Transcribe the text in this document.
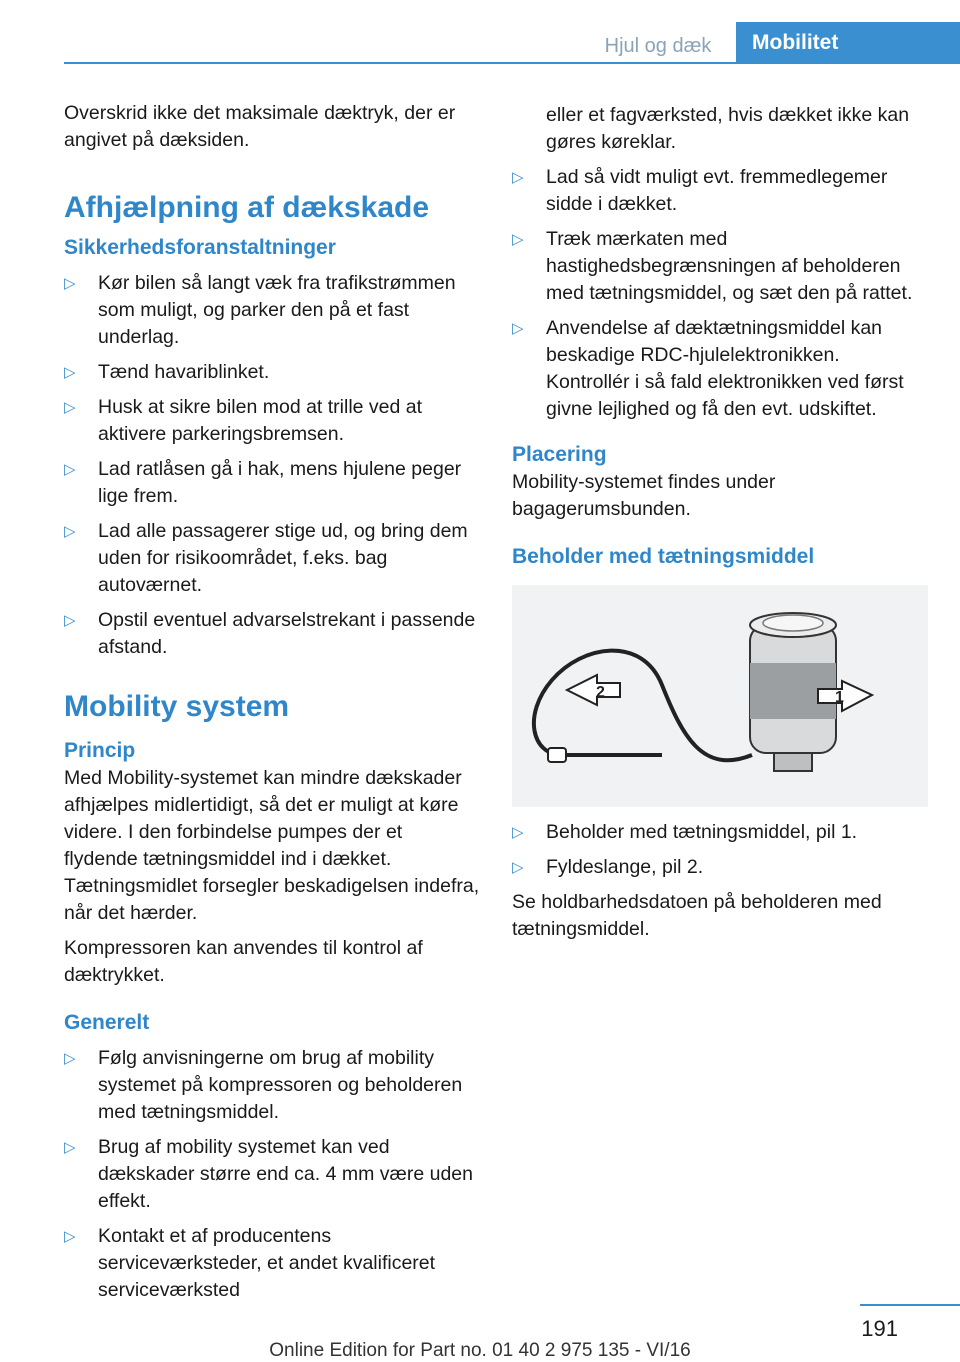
Hjul og dæk	Mobilitet

Overskrid ikke det maksimale dæktryk, der er angivet på dæksiden.

Afhjælpning af dækskade
Sikkerhedsforanstaltninger
▷ Kør bilen så langt væk fra trafikstrømmen som muligt, og parker den på et fast underlag.
▷ Tænd havariblinket.
▷ Husk at sikre bilen mod at trille ved at aktivere parkeringsbremsen.
▷ Lad ratlåsen gå i hak, mens hjulene peger lige frem.
▷ Lad alle passagerer stige ud, og bring dem uden for risikoområdet, f.eks. bag autoværnet.
▷ Opstil eventuel advarselstrekant i passende afstand.
Mobility system
Princip

Med Mobility-systemet kan mindre dækskader afhjælpes midlertidigt, så det er muligt at køre videre. I den forbindelse pumpes der et flydende tætningsmiddel ind i dækket. Tætningsmidlet forsegler beskadigelsen indefra, når det hærder.

Kompressoren kan anvendes til kontrol af dæktrykket.

Generelt
▷ Følg anvisningerne om brug af mobility systemet på kompressoren og beholderen med tætningsmiddel.
▷ Brug af mobility systemet kan ved dækskader større end ca. 4 mm være uden effekt.
▷ Kontakt et af producentens serviceværksteder, et andet kvalificeret serviceværksted

eller et fagværksted, hvis dækket ikke kan gøres køreklar.

▷ Lad så vidt muligt evt. fremmedlegemer sidde i dækket.
▷ Træk mærkaten med hastighedsbegrænsningen af beholderen med tætningsmiddel, og sæt den på rattet.
▷ Anvendelse af dæktætningsmiddel kan beskadige RDC-hjulelektronikken. Kontrollér i så fald elektronikken ved først givne lejlighed og få den evt. udskiftet.
Placering

Mobility-systemet findes under bagagerumsbunden.

Beholder med tætningsmiddel
2	1
▷ Beholder med tætningsmiddel, pil 1.
▷ Fyldeslange, pil 2.

Se holdbarhedsdatoen på beholderen med tætningsmiddel.

191
Online Edition for Part no. 01 40 2 975 135 - VI/16
